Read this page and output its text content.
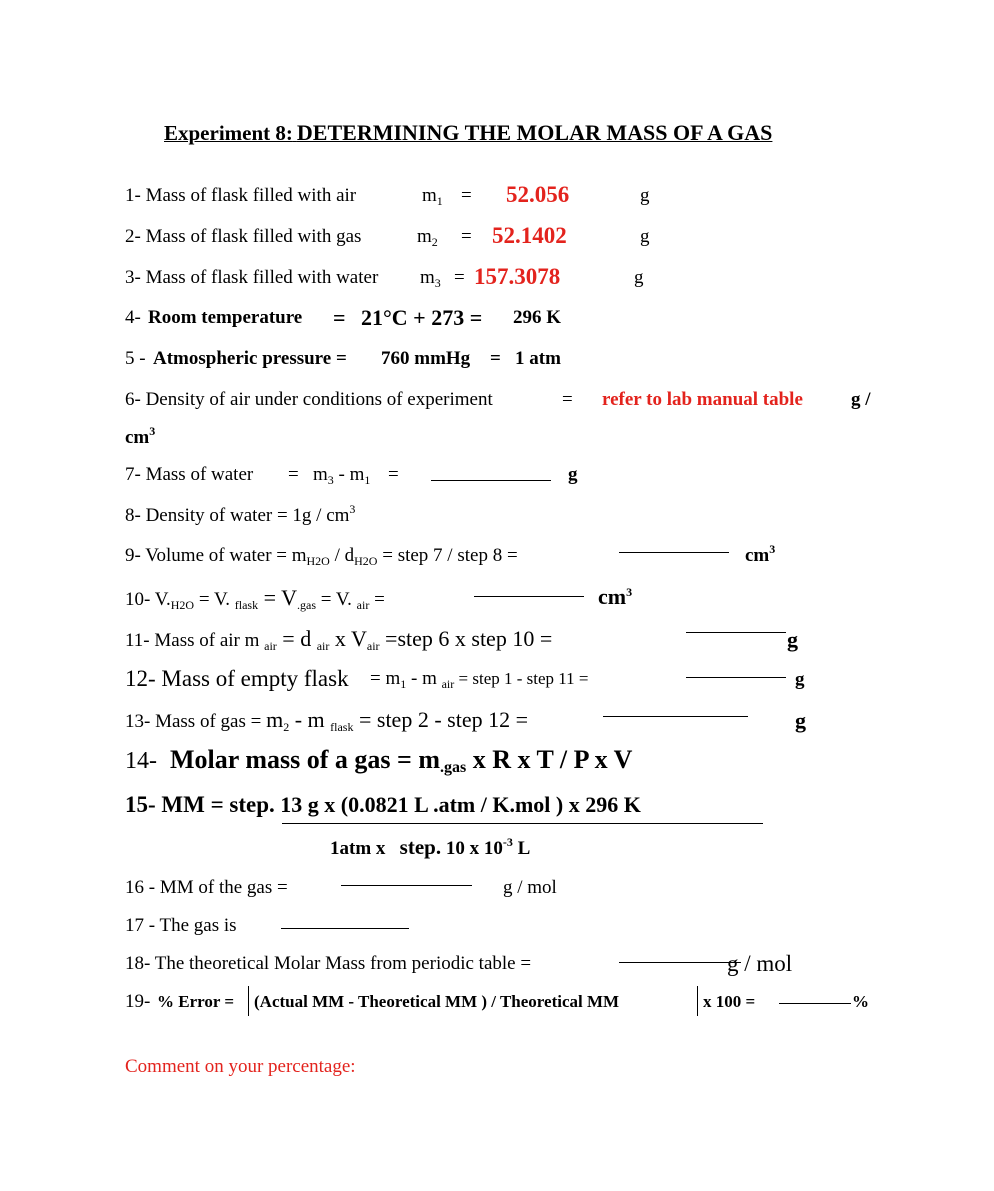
Experiment 8: DETERMINING THE MOLAR MASS OF A GAS
1- Mass of flask filled with air	$m_1 = 52.056$	g
2- Mass of flask filled with gas	$m_2 = 52.1402$	g
3- Mass of flask filled with water $m_3 = 157.3078$	g
4- Room temperature = 21°C + 273 = 296 K
5 - Atmospheric pressure = 760 mmHg = 1 atm
6- Density of air under conditions of experiment	= refer to lab manual table	g /
$cm^3$
7- Mass of water = $m_3 - m_1$ =	g
8- Density of water = $1g / cm^3$
9- Volume of water = $m_{H2O} / d_{H2O}$ = step 7 / step 8 =	$cm^3$
10- $V._{H2O} = V$. $_{flask} = V_{.gas} = V$. $_{air}$ =	$cm^3$
11- Mass of air m $_{air}$ = d $_{air}$ x $V_{air}$ =step 6 x step 10 =	g
12- Mass of empty flask = $m_1$ - m $_{air}$ = step 1 - step 11 =	g
13- Mass of gas = $m_2$ - m $_{flask}$ = step 2 - step 12 =	g
14- Molar mass of a gas = $m_{.gas}$ x R x T / P x V
15- MM = step. 13 g x (0.0821 L .atm / K.mol ) x 296 K
1atm x step. 10 x $10^{-3}$ L
16 - MM of the gas =	g / mol
17 - The gas is
18- The theoretical Molar Mass from periodic table =	g / mol
19- % Error = (Actual MM - Theoretical MM ) / Theoretical MM	x 100 =	%
Comment on your percentage:
